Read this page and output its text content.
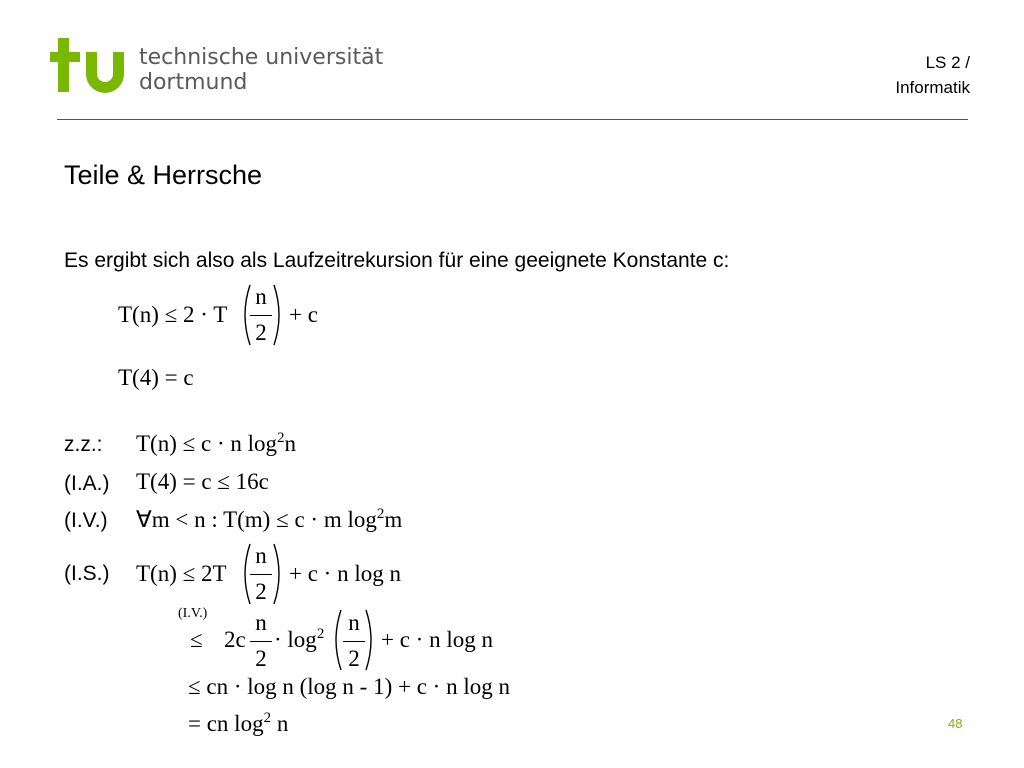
technische universität
dortmund
LS 2 /
Informatik
Teile & Herrsche
Es ergibt sich also als Laufzeitrekursion für eine geeignete Konstante c:
T(n) ≤ 2 · T
n
2
+ c
T(4) = c
z.z.: T(n) ≤ c · n $\log^2n$
(I.A.) T(4) = c ≤ 16c
(I.V.) ∀m < n : T(m) ≤ c · m $\log^2m$
(I.S.) T(n) ≤ 2T
n
2
+ c · n log n
(I.V.)
≤ 2c
n
2
· $\log^2$	n
2
+ c · n log n
≤ cn · log n (log n - 1) + c · n log n
= cn $\log^2 n$	48
